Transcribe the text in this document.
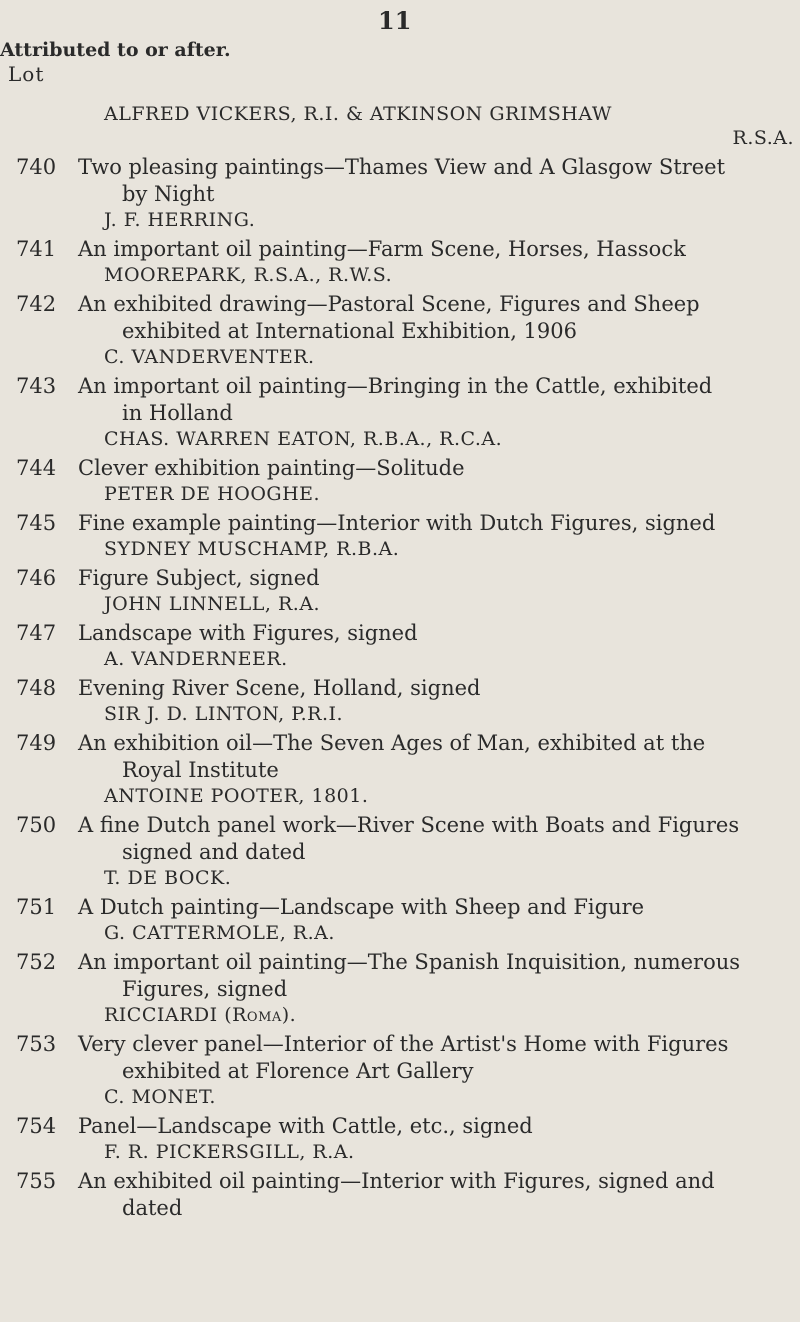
11
Attributed to or after.
Lot
ALFRED VICKERS, R.I. & ATKINSON GRIMSHAW
R.S.A.
740	Two pleasing paintings—Thames View and A Glasgow Street
by Night
J. F. HERRING.
741	An important oil painting—Farm Scene, Horses, Hassock
MOOREPARK, R.S.A., R.W.S.
742	An exhibited drawing—Pastoral Scene, Figures and Sheep
exhibited at International Exhibition, 1906
C. VANDERVENTER.
743	An important oil painting—Bringing in the Cattle, exhibited
in Holland
CHAS. WARREN EATON, R.B.A., R.C.A.
744	Clever exhibition painting—Solitude
PETER DE HOOGHE.
745	Fine example painting—Interior with Dutch Figures, signed
SYDNEY MUSCHAMP, R.B.A.
746	Figure Subject, signed
JOHN LINNELL, R.A.
747	Landscape with Figures, signed
A. VANDERNEER.
748	Evening River Scene, Holland, signed
SIR J. D. LINTON, P.R.I.
749	An exhibition oil—The Seven Ages of Man, exhibited at the
Royal Institute
ANTOINE POOTER, 1801.
750	A fine Dutch panel work—River Scene with Boats and Figures
signed and dated
T. DE BOCK.
751	A Dutch painting—Landscape with Sheep and Figure
G. CATTERMOLE, R.A.
752	An important oil painting—The Spanish Inquisition, numerous
Figures, signed
RICCIARDI (Roma).
753	Very clever panel—Interior of the Artist's Home with Figures
exhibited at Florence Art Gallery
C. MONET.
754	Panel—Landscape with Cattle, etc., signed
F. R. PICKERSGILL, R.A.
755	An exhibited oil painting—Interior with Figures, signed and
dated
